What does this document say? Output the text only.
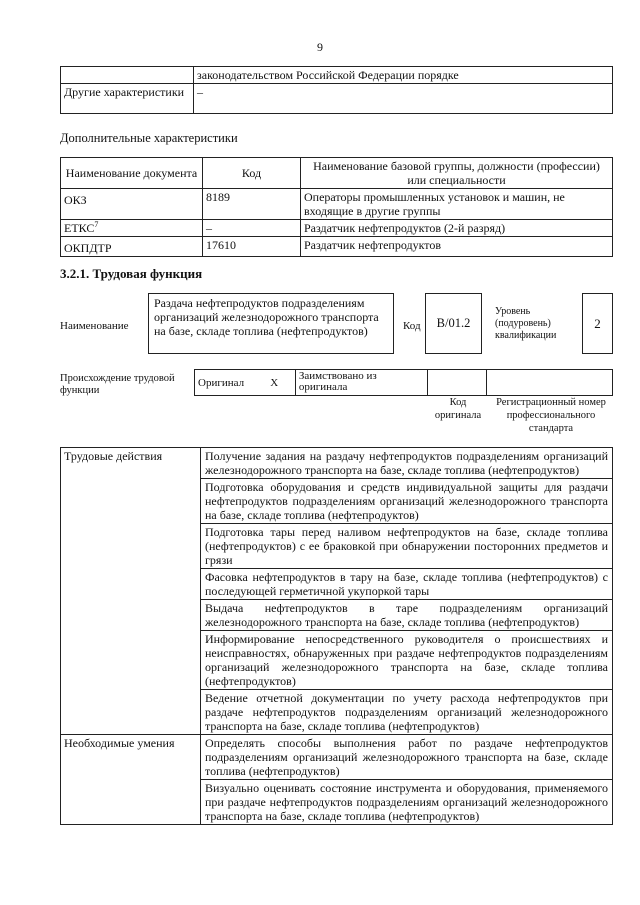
9
	законодательством Российской Федерации порядке
Другие характеристики	–
Дополнительные характеристики
Наименование документа	Код	Наименование базовой группы, должности (профессии) или специальности
ОКЗ	8189	Операторы промышленных установок и машин, не входящие в другие группы
ЕТКС$^7$	–	Раздатчик нефтепродуктов (2-й разряд)
ОКПДТР	17610	Раздатчик нефтепродуктов
3.2.1. Трудовая функция
Наименование
Раздача нефтепродуктов подразделениям организаций железнодорожного транспорта на базе, складе топлива (нефтепродуктов)	Код	B/01.2
Уровень
(подуровень)
квалификации
2
Происхождение трудовой функции
Оригинал	X	Заимствовано из оригинала		
Код оригинала
Регистрационный номер профессионального стандарта
Трудовые действия	Получение задания на раздачу нефтепродуктов подразделениям организаций железнодорожного транспорта на базе, складе топлива (нефтепродуктов)
	Подготовка оборудования и средств индивидуальной защиты для раздачи нефтепродуктов подразделениям организаций железнодорожного транспорта на базе, складе топлива (нефтепродуктов)
	Подготовка тары перед наливом нефтепродуктов на базе, складе топлива (нефтепродуктов) с ее браковкой при обнаружении посторонних предметов и грязи
	Фасовка нефтепродуктов в тару на базе, складе топлива (нефтепродуктов) с последующей герметичной укупоркой тары
	Выдача нефтепродуктов в таре подразделениям организаций железнодорожного транспорта на базе, складе топлива (нефтепродуктов)
	Информирование непосредственного руководителя о происшествиях и неисправностях, обнаруженных при раздаче нефтепродуктов подразделениям организаций железнодорожного транспорта на базе, складе топлива (нефтепродуктов)
	Ведение отчетной документации по учету расхода нефтепродуктов при раздаче нефтепродуктов подразделениям организаций железнодорожного транспорта на базе, складе топлива (нефтепродуктов)
Необходимые умения	Определять способы выполнения работ по раздаче нефтепродуктов подразделениям организаций железнодорожного транспорта на базе, складе топлива (нефтепродуктов)
	Визуально оценивать состояние инструмента и оборудования, применяемого при раздаче нефтепродуктов подразделениям организаций железнодорожного транспорта на базе, складе топлива (нефтепродуктов)
